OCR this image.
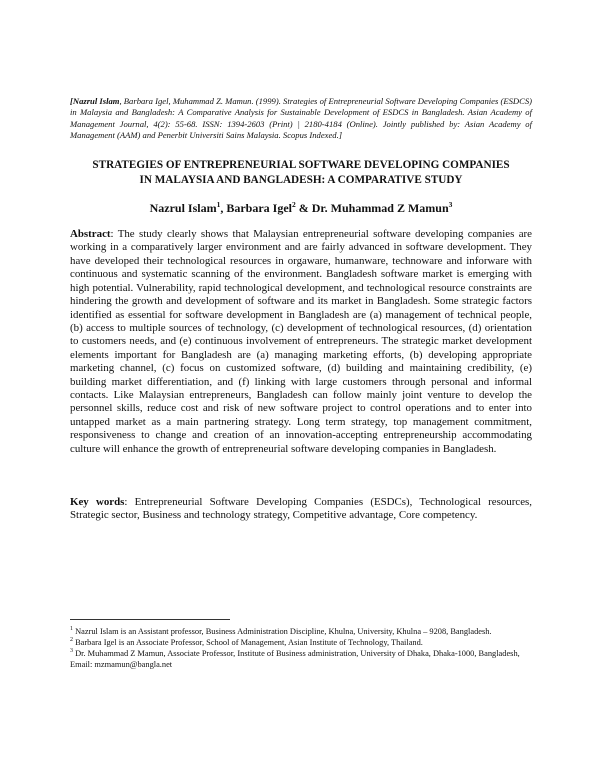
[Nazrul Islam, Barbara Igel, Muhammad Z. Mamun. (1999). Strategies of Entrepreneurial Software Developing Companies (ESDCS) in Malaysia and Bangladesh: A Comparative Analysis for Sustainable Development of ESDCS in Bangladesh. Asian Academy of Management Journal, 4(2): 55-68. ISSN: 1394-2603 (Print) | 2180-4184 (Online). Jointly published by: Asian Academy of Management (AAM) and Penerbit Universiti Sains Malaysia. Scopus Indexed.]
STRATEGIES OF ENTREPRENEURIAL SOFTWARE DEVELOPING COMPANIES
IN MALAYSIA AND BANGLADESH: A COMPARATIVE STUDY
Nazrul Islam$^1$, Barbara Igel$^2$ & Dr. Muhammad Z Mamun$^3$
Abstract: The study clearly shows that Malaysian entrepreneurial software developing companies are working in a comparatively larger environment and are fairly advanced in software development. They have developed their technological resources in orgaware, humanware, technoware and inforware with continuous and systematic scanning of the environment. Bangladesh software market is emerging with high potential. Vulnerability, rapid technological development, and technological resource constraints are hindering the growth and development of software and its market in Bangladesh. Some strategic factors identified as essential for software development in Bangladesh are (a) management of technical people, (b) access to multiple sources of technology, (c) development of technological resources, (d) orientation to customers needs, and (e) continuous involvement of entrepreneurs. The strategic market development elements important for Bangladesh are (a) managing marketing efforts, (b) developing appropriate marketing channel, (c) focus on customized software, (d) building and maintaining credibility, (e) building market differentiation, and (f) linking with large customers through personal and informal contacts. Like Malaysian entrepreneurs, Bangladesh can follow mainly joint venture to develop the personnel skills, reduce cost and risk of new software project to control operations and to enter into untapped market as a main partnering strategy. Long term strategy, top management commitment, responsiveness to change and creation of an innovation-accepting entrepreneurship accommodating culture will enhance the growth of entrepreneurial software developing companies in Bangladesh.
Key words: Entrepreneurial Software Developing Companies (ESDCs), Technological resources, Strategic sector, Business and technology strategy, Competitive advantage, Core competency.

$^1$ Nazrul Islam is an Assistant professor, Business Administration Discipline, Khulna, University, Khulna – 9208, Bangladesh.

$^2$ Barbara Igel is an Associate Professor, School of Management, Asian Institute of Technology, Thailand.

$^3$ Dr. Muhammad Z Mamun, Associate Professor, Institute of Business administration, University of Dhaka, Dhaka-1000, Bangladesh, Email: mzmamun@bangla.net
